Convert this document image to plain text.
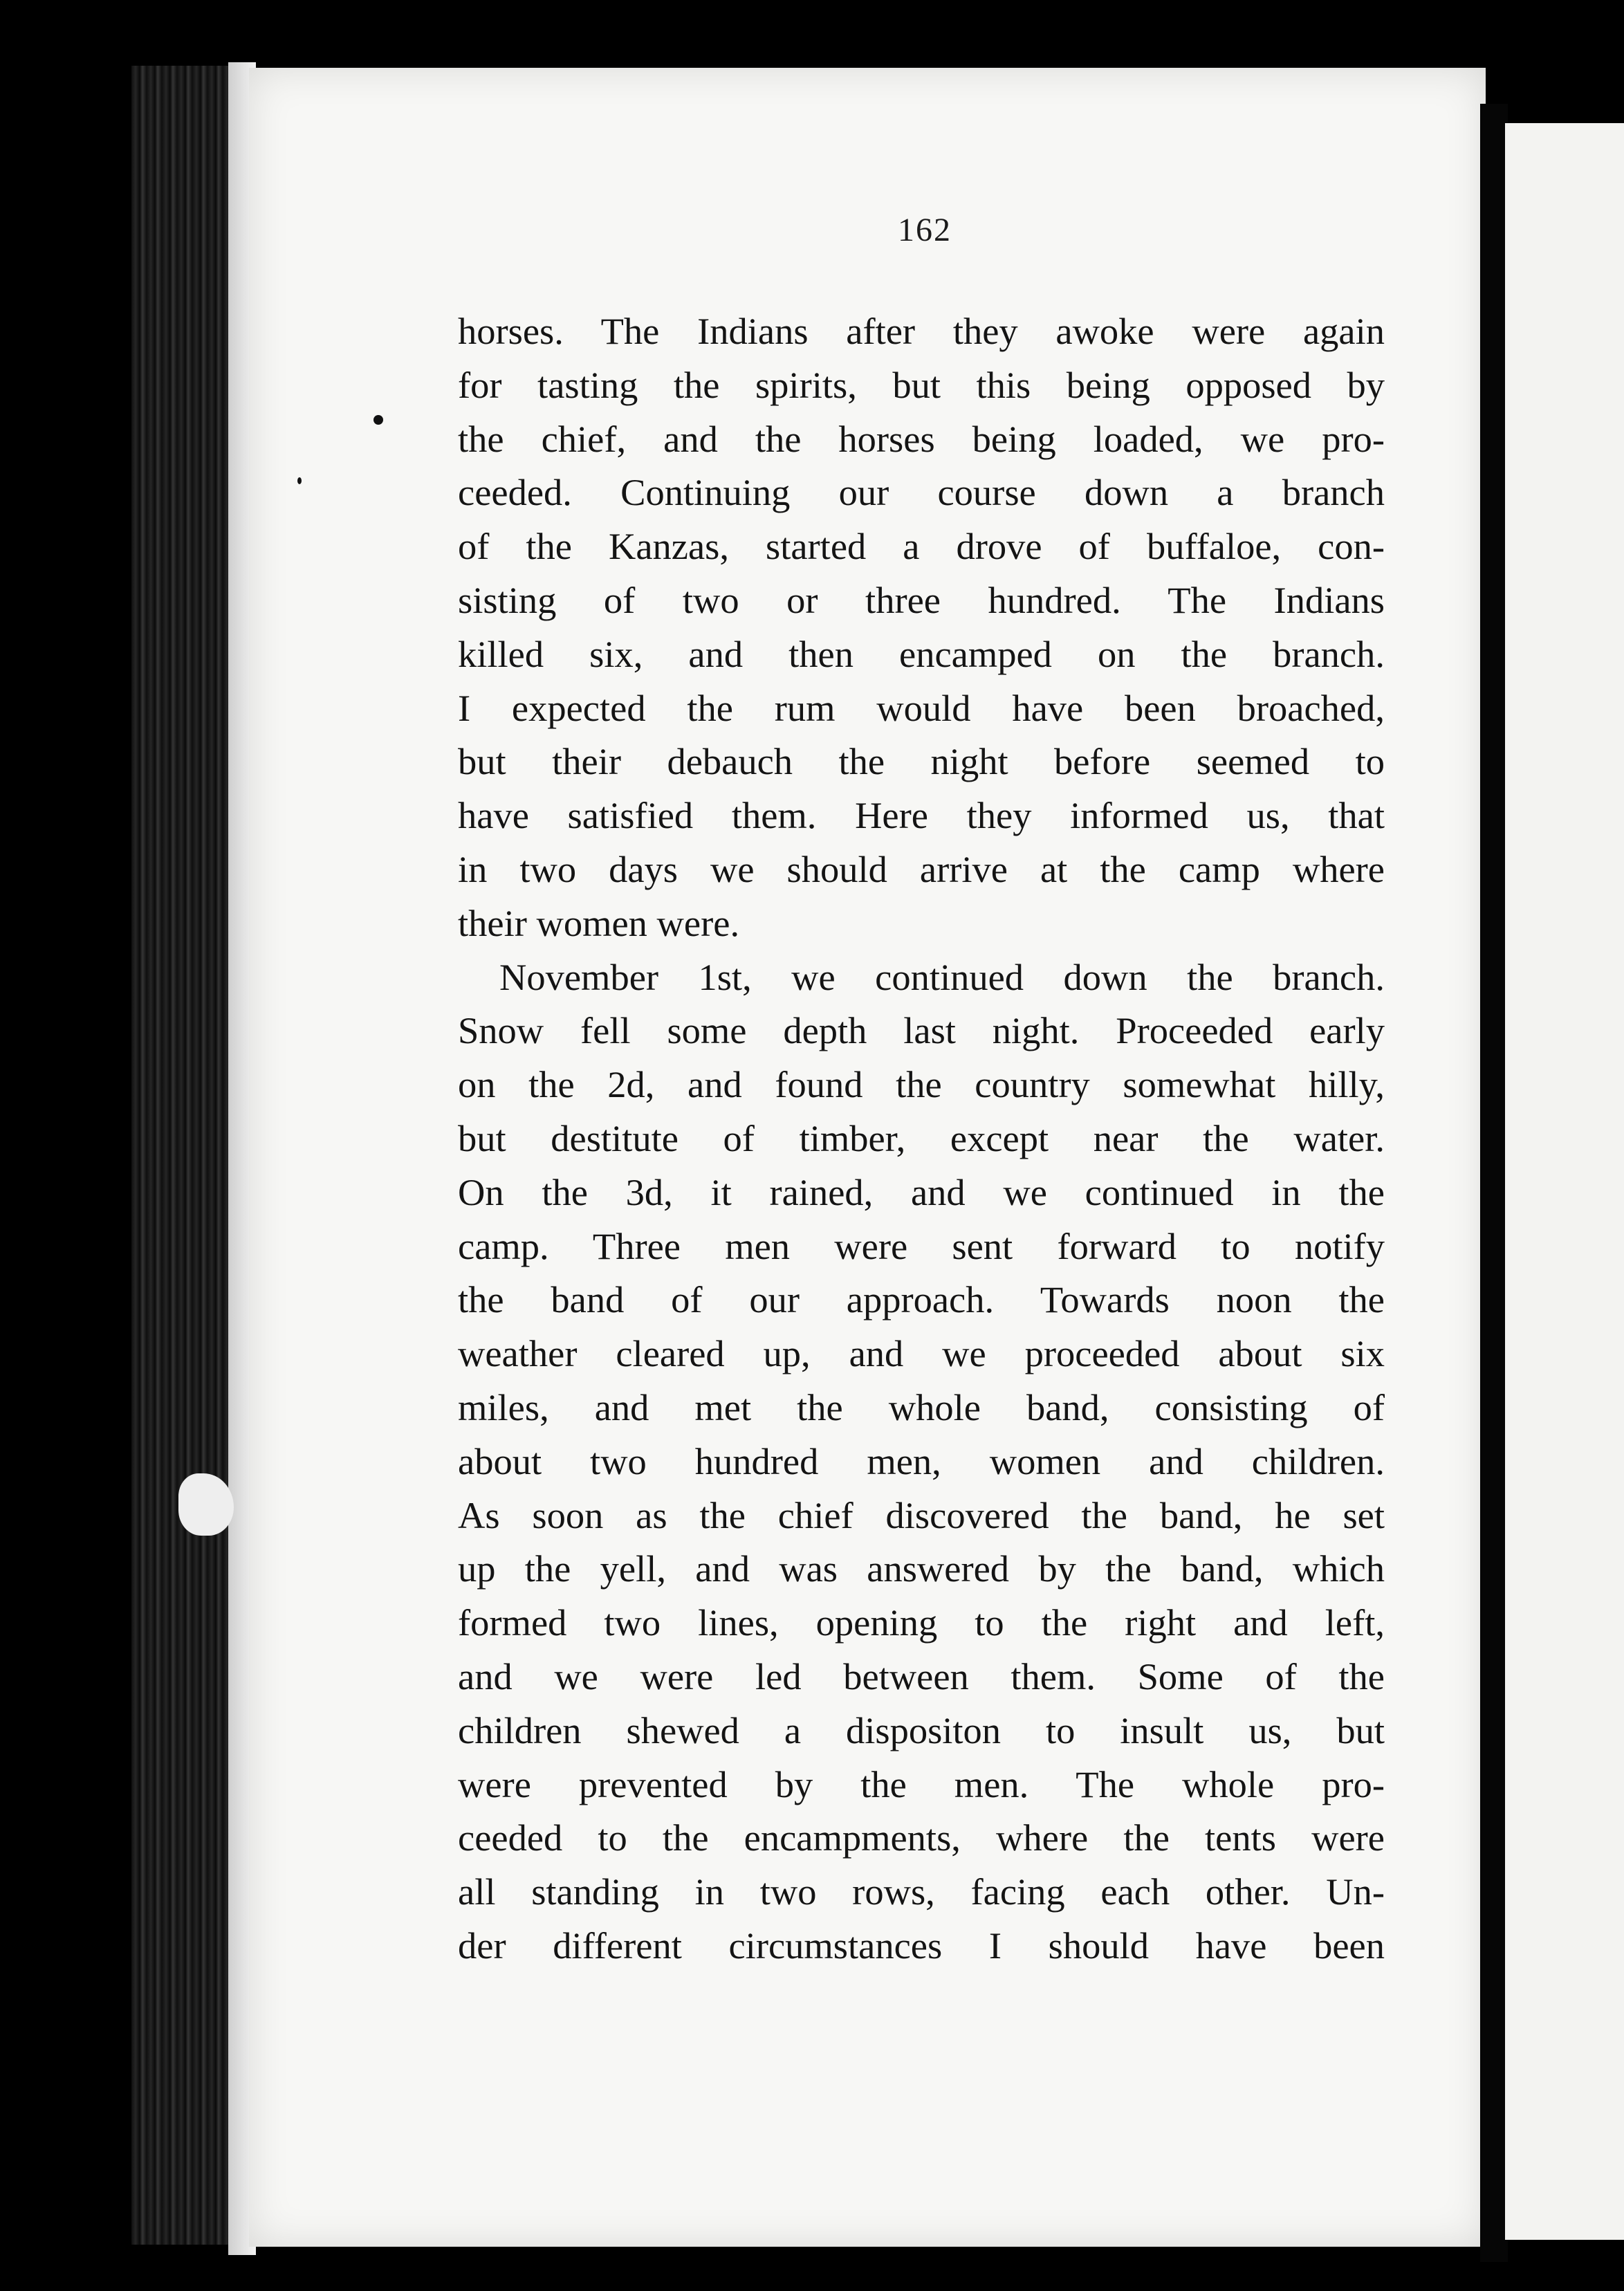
162
horses. The Indians after they awoke were again
for tasting the spirits, but this being opposed by
the chief, and the horses being loaded, we pro-
ceeded. Continuing our course down a branch
of the Kanzas, started a drove of buffaloe, con-
sisting of two or three hundred. The Indians
killed six, and then encamped on the branch.
I expected the rum would have been broached,
but their debauch the night before seemed to
have satisfied them. Here they informed us, that
in two days we should arrive at the camp where
their women were.
November 1st, we continued down the branch.
Snow fell some depth last night. Proceeded early
on the 2d, and found the country somewhat hilly,
but destitute of timber, except near the water.
On the 3d, it rained, and we continued in the
camp. Three men were sent forward to notify
the band of our approach. Towards noon the
weather cleared up, and we proceeded about six
miles, and met the whole band, consisting of
about two hundred men, women and children.
As soon as the chief discovered the band, he set
up the yell, and was answered by the band, which
formed two lines, opening to the right and left,
and we were led between them. Some of the
children shewed a dispositon to insult us, but
were prevented by the men. The whole pro-
ceeded to the encampments, where the tents were
all standing in two rows, facing each other. Un-
der different circumstances I should have been
